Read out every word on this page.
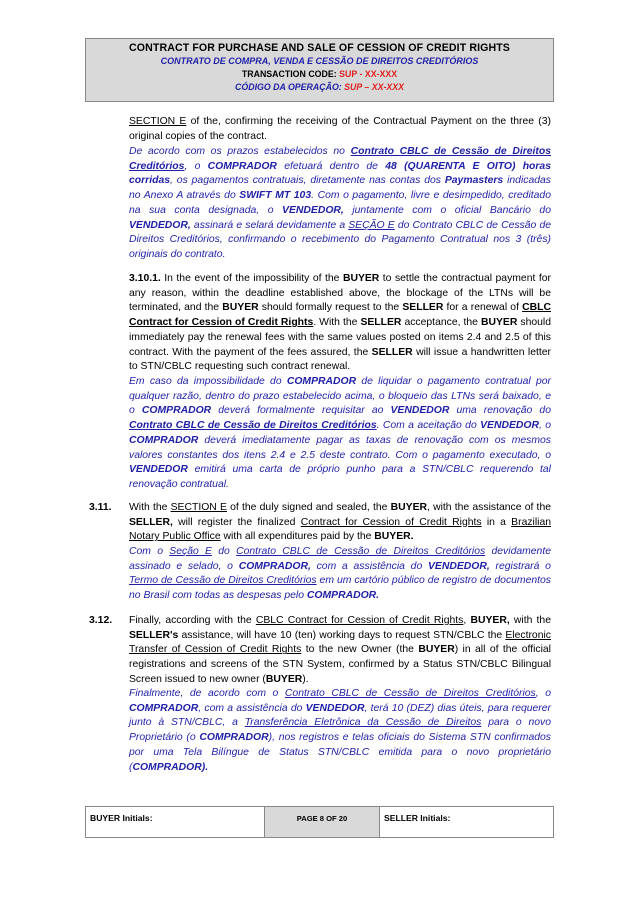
CONTRACT FOR PURCHASE AND SALE OF CESSION OF CREDIT RIGHTS
CONTRATO DE COMPRA, VENDA E CESSÃO DE DIREITOS CREDITÓRIOS
TRANSACTION CODE: SUP - XX-XXX
CÓDIGO DA OPERAÇÃO: SUP – XX-XXX
SECTION E of the, confirming the receiving of the Contractual Payment on the three (3) original copies of the contract.
De acordo com os prazos estabelecidos no Contrato CBLC de Cessão de Direitos Creditórios, o COMPRADOR efetuará dentro de 48 (QUARENTA E OITO) horas corridas, os pagamentos contratuais, diretamente nas contas dos Paymasters indicadas no Anexo A através do SWIFT MT 103. Com o pagamento, livre e desimpedido, creditado na sua conta designada, o VENDEDOR, juntamente com o oficial Bancário do VENDEDOR, assinará e selará devidamente a SEÇÃO E do Contrato CBLC de Cessão de Direitos Creditórios, confirmando o recebimento do Pagamento Contratual nos 3 (três) originais do contrato.
3.10.1. In the event of the impossibility of the BUYER to settle the contractual payment for any reason, within the deadline established above, the blockage of the LTNs will be terminated, and the BUYER should formally request to the SELLER for a renewal of CBLC Contract for Cession of Credit Rights. With the SELLER acceptance, the BUYER should immediately pay the renewal fees with the same values posted on items 2.4 and 2.5 of this contract. With the payment of the fees assured, the SELLER will issue a handwritten letter to STN/CBLC requesting such contract renewal.
Em caso da impossibilidade do COMPRADOR de liquidar o pagamento contratual por qualquer razão, dentro do prazo estabelecido acima, o bloqueio das LTNs será baixado, e o COMPRADOR deverá formalmente requisitar ao VENDEDOR uma renovação do Contrato CBLC de Cessão de Direitos Creditórios. Com a aceitação do VENDEDOR, o COMPRADOR deverá imediatamente pagar as taxas de renovação com os mesmos valores constantes dos itens 2.4 e 2.5 deste contrato. Com o pagamento executado, o VENDEDOR emitirá uma carta de próprio punho para a STN/CBLC requerendo tal renovação contratual.
3.11. With the SECTION E of the duly signed and sealed, the BUYER, with the assistance of the SELLER, will register the finalized Contract for Cession of Credit Rights in a Brazilian Notary Public Office with all expenditures paid by the BUYER.
Com o Seção E do Contrato CBLC de Cessão de Direitos Creditórios devidamente assinado e selado, o COMPRADOR, com a assistência do VENDEDOR, registrará o Termo de Cessão de Direitos Creditórios em um cartório público de registro de documentos no Brasil com todas as despesas pelo COMPRADOR.
3.12. Finally, according with the CBLC Contract for Cession of Credit Rights, BUYER, with the SELLER's assistance, will have 10 (ten) working days to request STN/CBLC the Electronic Transfer of Cession of Credit Rights to the new Owner (the BUYER) in all of the official registrations and screens of the STN System, confirmed by a Status STN/CBLC Bilingual Screen issued to new owner (BUYER).
Finalmente, de acordo com o Contrato CBLC de Cessão de Direitos Creditórios, o COMPRADOR, com a assistência do VENDEDOR, terá 10 (DEZ) dias úteis, para requerer junto à STN/CBLC, a Transferência Eletrônica da Cessão de Direitos para o novo Proprietário (o COMPRADOR), nos registros e telas oficiais do Sistema STN confirmados por uma Tela Bilíngue de Status STN/CBLC emitida para o novo proprietário (COMPRADOR).
BUYER Initials:	PAGE 8 OF 20	SELLER Initials:
